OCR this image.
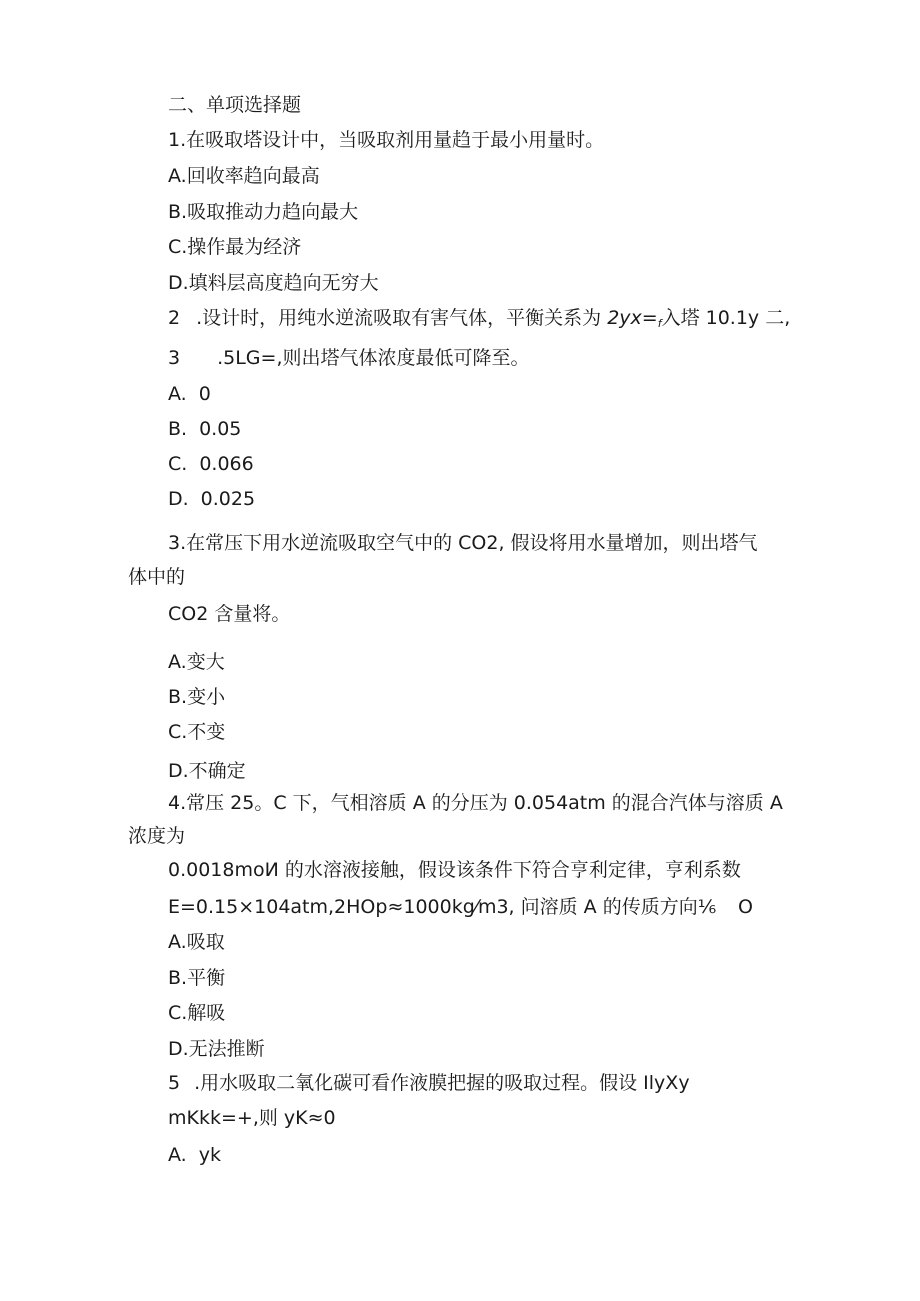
二、单项选择题
1.在吸取塔设计中，当吸取剂用量趋于最小用量时。
A.回收率趋向最高
B.吸取推动力趋向最大
C.操作最为经济
D.填料层高度趋向无穷大
2 .设计时，用纯水逆流吸取有害气体，平衡关系为 $2yx=_f$入塔 10.1y 二,
3 .5LG=,则出塔气体浓度最低可降至。
A. 0
B. 0.05
C. 0.066
D. 0.025
3.在常压下用水逆流吸取空气中的 CO2, 假设将用水量增加，则出塔气
体中的
CO2 含量将。
A.变大
B.变小
C.不变
D.不确定
4.常压 25。C 下，气相溶质 A 的分压为 0.054atm 的混合汽体与溶质 A
浓度为
0.0018moИ 的水溶液接触，假设该条件下符合亨利定律，亨利系数
E=0.15×104atm,2HOp≈1000kg⁄m3, 问溶质 A 的传质方向⅙ O
A.吸取
B.平衡
C.解吸
D.无法推断
5 .用水吸取二氧化碳可看作液膜把握的吸取过程。假设 IlyXy
mKkk=+,则 yK≈0
A. yk
